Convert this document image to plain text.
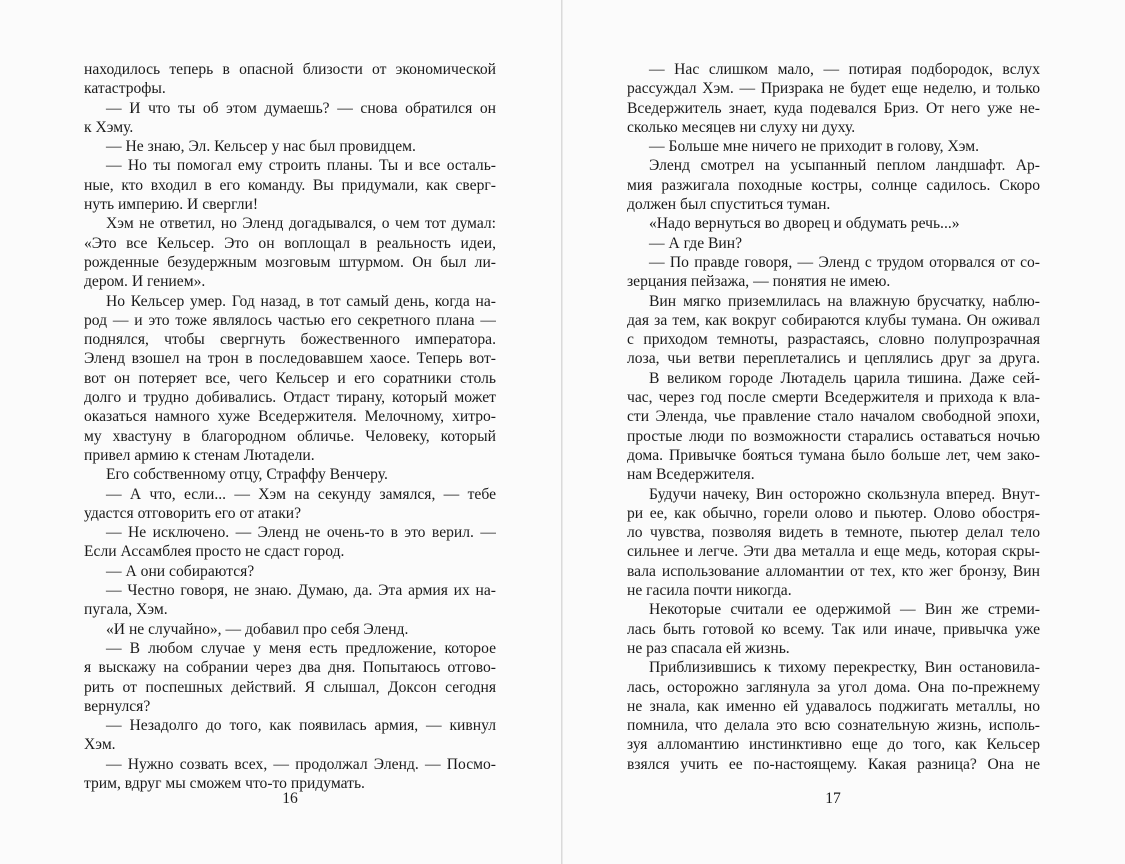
находилось теперь в опасной близости от экономической
катастрофы.
— И что ты об этом думаешь? — снова обратился он
к Хэму.
— Не знаю, Эл. Кельсер у нас был провидцем.
— Но ты помогал ему строить планы. Ты и все осталь-
ные, кто входил в его команду. Вы придумали, как сверг-
нуть империю. И свергли!
Хэм не ответил, но Эленд догадывался, о чем тот думал:
«Это все Кельсер. Это он воплощал в реальность идеи,
рожденные безудержным мозговым штурмом. Он был ли-
дером. И гением».
Но Кельсер умер. Год назад, в тот самый день, когда на-
род — и это тоже являлось частью его секретного плана —
поднялся, чтобы свергнуть божественного императора.
Эленд взошел на трон в последовавшем хаосе. Теперь вот-
вот он потеряет все, чего Кельсер и его соратники столь
долго и трудно добивались. Отдаст тирану, который может
оказаться намного хуже Вседержителя. Мелочному, хитро-
му хвастуну в благородном обличье. Человеку, который
привел армию к стенам Лютадели.
Его собственному отцу, Страффу Венчеру.
— А что, если... — Хэм на секунду замялся, — тебе
удастся отговорить его от атаки?
— Не исключено. — Эленд не очень-то в это верил. —
Если Ассамблея просто не сдаст город.
— А они собираются?
— Честно говоря, не знаю. Думаю, да. Эта армия их на-
пугала, Хэм.
«И не случайно», — добавил про себя Эленд.
— В любом случае у меня есть предложение, которое
я выскажу на собрании через два дня. Попытаюсь отгово-
рить от поспешных действий. Я слышал, Доксон сегодня
вернулся?
— Незадолго до того, как появилась армия, — кивнул
Хэм.
— Нужно созвать всех, — продолжал Эленд. — Посмо-
трим, вдруг мы сможем что-то придумать.
16
— Нас слишком мало, — потирая подбородок, вслух
рассуждал Хэм. — Призрака не будет еще неделю, и только
Вседержитель знает, куда подевался Бриз. От него уже не-
сколько месяцев ни слуху ни духу.
— Больше мне ничего не приходит в голову, Хэм.
Эленд смотрел на усыпанный пеплом ландшафт. Ар-
мия разжигала походные костры, солнце садилось. Скоро
должен был спуститься туман.
«Надо вернуться во дворец и обдумать речь...»
— А где Вин?
— По правде говоря, — Эленд с трудом оторвался от со-
зерцания пейзажа, — понятия не имею.
Вин мягко приземлилась на влажную брусчатку, наблю-
дая за тем, как вокруг собираются клубы тумана. Он оживал
с приходом темноты, разрастаясь, словно полупрозрачная
лоза, чьи ветви переплетались и цеплялись друг за друга.
В великом городе Лютадель царила тишина. Даже сей-
час, через год после смерти Вседержителя и прихода к вла-
сти Эленда, чье правление стало началом свободной эпохи,
простые люди по возможности старались оставаться ночью
дома. Привычке бояться тумана было больше лет, чем зако-
нам Вседержителя.
Будучи начеку, Вин осторожно скользнула вперед. Внут-
ри ее, как обычно, горели олово и пьютер. Олово обостря-
ло чувства, позволяя видеть в темноте, пьютер делал тело
сильнее и легче. Эти два металла и еще медь, которая скры-
вала использование алломантии от тех, кто жег бронзу, Вин
не гасила почти никогда.
Некоторые считали ее одержимой — Вин же стреми-
лась быть готовой ко всему. Так или иначе, привычка уже
не раз спасала ей жизнь.
Приблизившись к тихому перекрестку, Вин остановилa-
лась, осторожно заглянула за угол дома. Она по-прежнему
не знала, как именно ей удавалось поджигать металлы, но
помнила, что делала это всю сознательную жизнь, исполь-
зуя алломантию инстинктивно еще до того, как Кельсер
взялся учить ее по-настоящему. Какая разница? Она не
17
